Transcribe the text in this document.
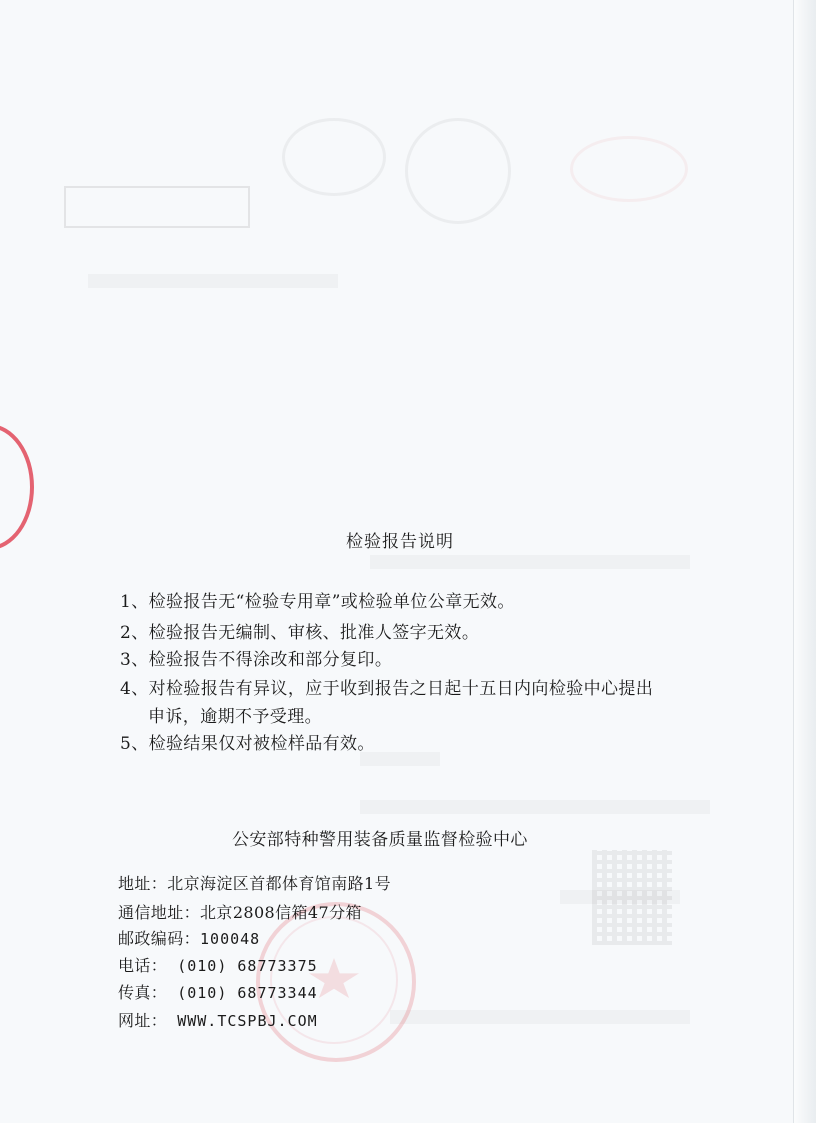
检验报告说明
1、检验报告无“检验专用章”或检验单位公章无效。
2、检验报告无编制、审核、批准人签字无效。
3、检验报告不得涂改和部分复印。
4、对检验报告有异议，应于收到报告之日起十五日内向检验中心提出
申诉，逾期不予受理。
5、检验结果仅对被检样品有效。
公安部特种警用装备质量监督检验中心
地址：北京海淀区首都体育馆南路1号
通信地址：北京2808信箱47分箱
邮政编码：100048
电话： (010) 68773375
传真： (010) 68773344
网址： WWW.TCSPBJ.COM
